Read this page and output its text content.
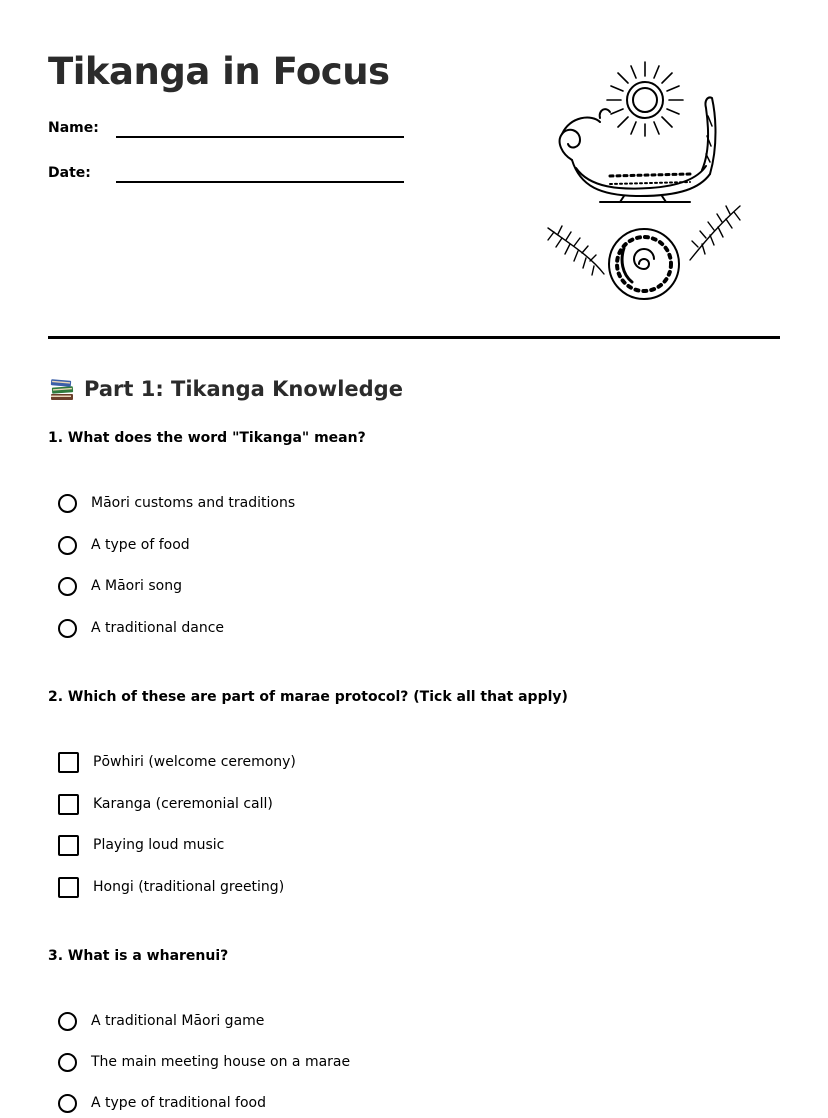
Tikanga in Focus
Name:
Date:
Part 1: Tikanga Knowledge
1. What does the word "Tikanga" mean?
Māori customs and traditions
A type of food
A Māori song
A traditional dance
2. Which of these are part of marae protocol? (Tick all that apply)
Pōwhiri (welcome ceremony)
Karanga (ceremonial call)
Playing loud music
Hongi (traditional greeting)
3. What is a wharenui?
A traditional Māori game
The main meeting house on a marae
A type of traditional food
